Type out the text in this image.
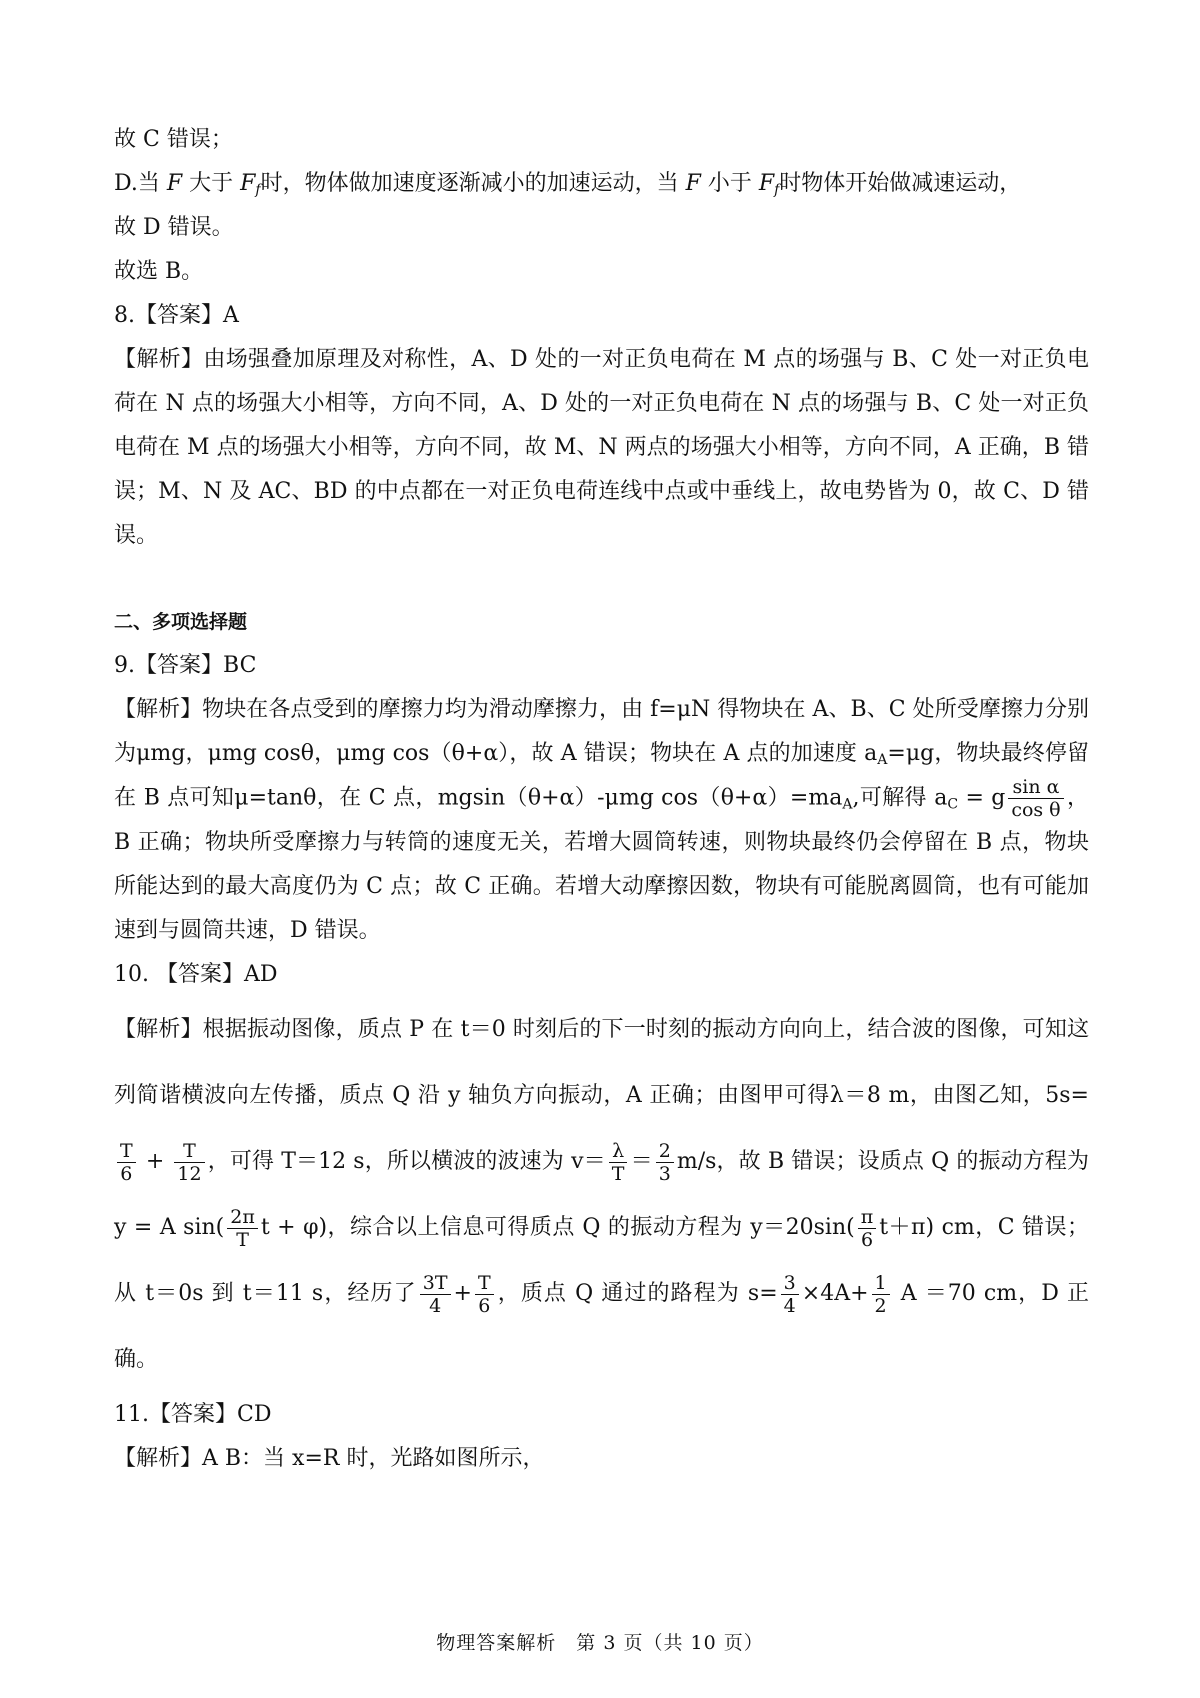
故 C 错误；

D.当 F 大于 $F_f$时，物体做加速度逐渐减小的加速运动，当 F 小于 $F_f$时物体开始做减速运动，

故 D 错误。

故选 B。

8.【答案】A

【解析】由场强叠加原理及对称性，A、D 处的一对正负电荷在 M 点的场强与 B、C 处一对正负电荷在 N 点的场强大小相等，方向不同，A、D 处的一对正负电荷在 N 点的场强与 B、C 处一对正负电荷在 M 点的场强大小相等，方向不同，故 M、N 两点的场强大小相等，方向不同，A 正确，B 错误；M、N 及 AC、BD 的中点都在一对正负电荷连线中点或中垂线上，故电势皆为 0，故 C、D 错误。

二、多项选择题

9.【答案】BC

【解析】物块在各点受到的摩擦力均为滑动摩擦力，由 f=μN 得物块在 A、B、C 处所受摩擦力分别为μmg，μmg cosθ，μmg cos（θ+α），故 A 错误；物块在 A 点的加速度 $a_A=\mu g$，物块最终停留在 B 点可知μ=tanθ，在 C 点，mgsin（θ+α）-μmg $\cos(\theta+\alpha)=ma_A$,可解得 $a_C = g \frac{\text{sin α}}{\text{cos θ}}$ ，B 正确；物块所受摩擦力与转筒的速度无关，若增大圆筒转速，则物块最终仍会停留在 B 点，物块所能达到的最大高度仍为 C 点；故 C 正确。若增大动摩擦因数，物块有可能脱离圆筒，也有可能加速到与圆筒共速，D 错误。

10. 【答案】AD

【解析】根据振动图像，质点 P 在 t＝0 时刻后的下一时刻的振动方向向上，结合波的图像，可知这列简谐横波向左传播，质点 Q 沿 y 轴负方向振动，A 正确；由图甲可得λ＝8 m，由图乙知，5s=
$\frac{T}{6} + \frac{T}{12}$ ，可得 T＝12 s，所以横波的波速为 $v= \frac{\lambda}{T} = \frac{2}{3} m/s$，故 B 错误；设质点 Q 的振动方程为 y = A $\sin( \frac{2\pi}{T}$ t + φ)，综合以上信息可得质点 Q 的振动方程为 $y=20\sin( \frac{\pi}{6} t+\pi)$ cm，C 错误；从 t＝0s 到 t＝11 s，经历了 $\frac{3T}{4} + \frac{T}{6}$ ，质点 Q 通过的路程为 $s= \frac{3}{4} \times 4A+ \frac{1}{2}$ A ＝70 cm，D 正确。

11.【答案】CD

【解析】A B：当 x=R 时，光路如图所示，

物理答案解析　第 3 页（共 10 页）
